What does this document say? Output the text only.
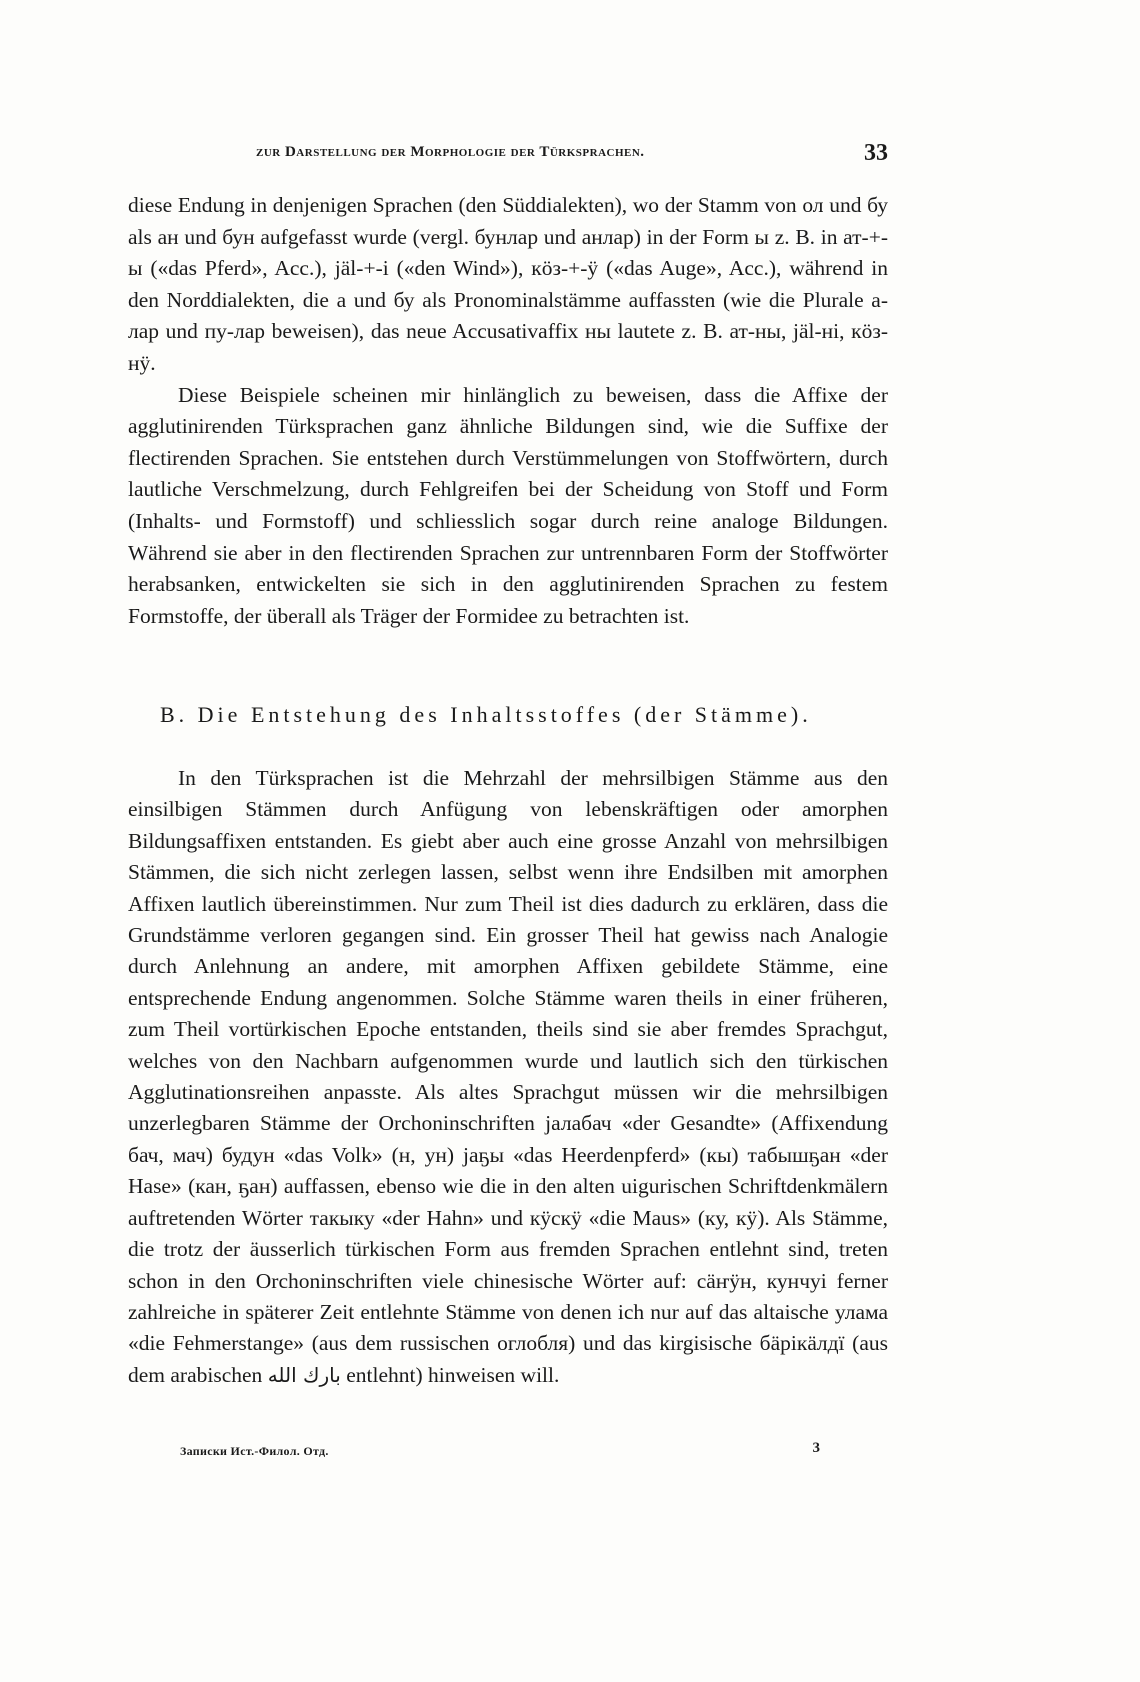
zur Darstellung der Morphologie der Türksprachen.	33

diese Endung in denjenigen Sprachen (den Süddialekten), wo der Stamm von ол und бу als ан und бун aufgefasst wurde (vergl. бунлар und анлар) in der Form ы z. B. in ат-+-ы («das Pferd», Acc.), jäl-+-i («den Wind»), кӧз-+-ӱ («das Auge», Acc.), während in den Norddialekten, die а und бу als Pronominalstämme auffassten (wie die Plurale а-лар und пу-лар beweisen), das neue Accusativaffix ны lautete z. B. ат-ны, jäl-ні, кӧз-нӱ.

Diese Beispiele scheinen mir hinlänglich zu beweisen, dass die Affixe der agglutinirenden Türksprachen ganz ähnliche Bildungen sind, wie die Suffixe der flectirenden Sprachen. Sie entstehen durch Verstümmelungen von Stoffwörtern, durch lautliche Verschmelzung, durch Fehlgreifen bei der Scheidung von Stoff und Form (Inhalts- und Formstoff) und schliesslich sogar durch reine analoge Bildungen. Während sie aber in den flectirenden Sprachen zur untrennbaren Form der Stoffwörter herabsanken, entwickelten sie sich in den agglutinirenden Sprachen zu festem Formstoffe, der überall als Träger der Formidee zu betrachten ist.

B. Die Entstehung des Inhaltsstoffes (der Stämme).

In den Türksprachen ist die Mehrzahl der mehrsilbigen Stämme aus den einsilbigen Stämmen durch Anfügung von lebenskräftigen oder amorphen Bildungsaffixen entstanden. Es giebt aber auch eine grosse Anzahl von mehrsilbigen Stämmen, die sich nicht zerlegen lassen, selbst wenn ihre Endsilben mit amorphen Affixen lautlich übereinstimmen. Nur zum Theil ist dies dadurch zu erklären, dass die Grundstämme verloren gegangen sind. Ein grosser Theil hat gewiss nach Analogie durch Anlehnung an andere, mit amorphen Affixen gebildete Stämme, eine entsprechende Endung angenommen. Solche Stämme waren theils in einer früheren, zum Theil vortürkischen Epoche entstanden, theils sind sie aber fremdes Sprachgut, welches von den Nachbarn aufgenommen wurde und lautlich sich den türkischen Agglutinationsreihen anpasste. Als altes Sprachgut müssen wir die mehrsilbigen unzerlegbaren Stämme der Orchoninschriften јалабач «der Gesandte» (Affixendung бач, мач) будун «das Volk» (н, ун) јаҕы «das Heerdenpferd» (кы) табышҕан «der Hase» (кан, ҕан) auffassen, ebenso wie die in den alten uigurischen Schriftdenkmälern auftretenden Wörter такыку «der Hahn» und кӱскӱ «die Maus» (ку, кӱ). Als Stämme, die trotz der äusserlich türkischen Form aus fremden Sprachen entlehnt sind, treten schon in den Orchoninschriften viele chinesische Wörter auf: сäҥӱн, кунчуі ferner zahlreiche in späterer Zeit entlehnte Stämme von denen ich nur auf das altaische улама «die Fehmerstange» (aus dem russischen оглобля) und das kirgisische бäрікäлдї (aus dem arabischen بارك الله entlehnt) hinweisen will.

Записки Ист.-Филол. Отд.	3
